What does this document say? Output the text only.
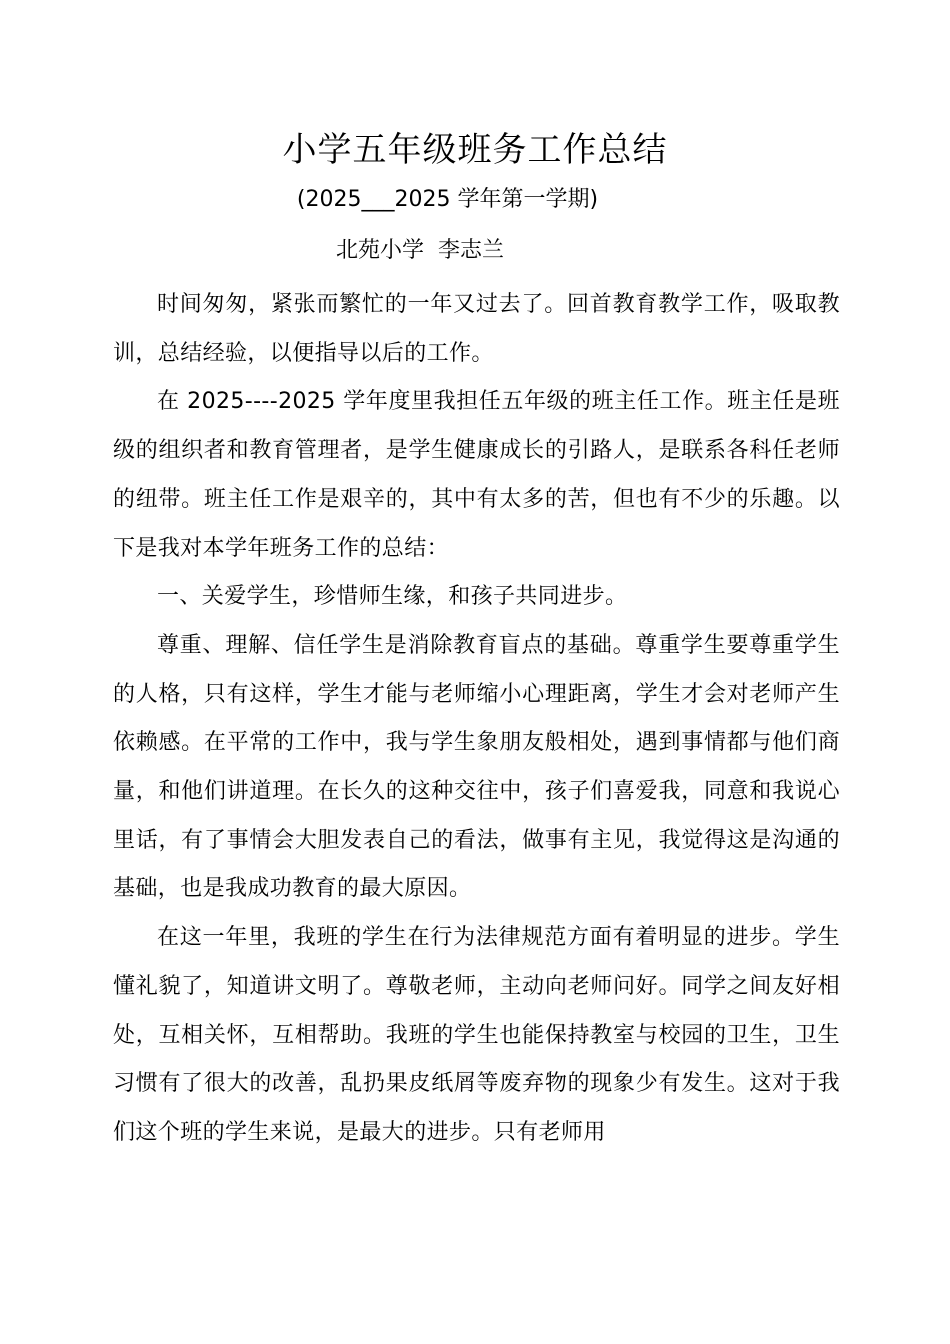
小学五年级班务工作总结
(2025___2025 学年第一学期)
北苑小学  李志兰

时间匆匆，紧张而繁忙的一年又过去了。回首教育教学工作，吸取教训，总结经验，以便指导以后的工作。

在 2025----2025 学年度里我担任五年级的班主任工作。班主任是班级的组织者和教育管理者，是学生健康成长的引路人，是联系各科任老师的纽带。班主任工作是艰辛的，其中有太多的苦，但也有不少的乐趣。以下是我对本学年班务工作的总结：

一、关爱学生，珍惜师生缘，和孩子共同进步。

尊重、理解、信任学生是消除教育盲点的基础。尊重学生要尊重学生的人格，只有这样，学生才能与老师缩小心理距离，学生才会对老师产生依赖感。在平常的工作中，我与学生象朋友般相处，遇到事情都与他们商量，和他们讲道理。在长久的这种交往中，孩子们喜爱我，同意和我说心里话，有了事情会大胆发表自己的看法，做事有主见，我觉得这是沟通的基础，也是我成功教育的最大原因。

在这一年里，我班的学生在行为法律规范方面有着明显的进步。学生懂礼貌了，知道讲文明了。尊敬老师，主动向老师问好。同学之间友好相处，互相关怀，互相帮助。我班的学生也能保持教室与校园的卫生，卫生习惯有了很大的改善，乱扔果皮纸屑等废弃物的现象少有发生。这对于我们这个班的学生来说，是最大的进步。只有老师用
